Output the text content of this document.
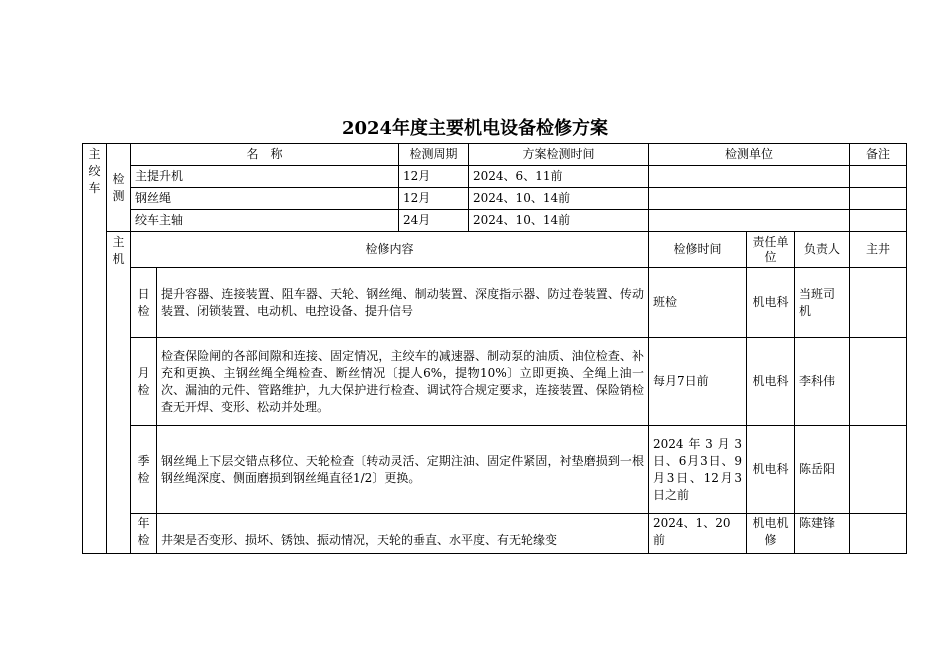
2024年度主要机电设备检修方案
主绞车	检测	名　称		检测周期	方案检测时间	检测单位			备注
		主提升机		12月	2024、6、11前				
		钢丝绳		12月	2024、10、14前				
		绞车主轴		24月	2024、10、14前				
	主机	检修内容				检修时间	责任单位	负责人	主井
		日检	提升容器、连接装置、阻车器、天轮、钢丝绳、制动装置、深度指示器、防过卷装置、传动装置、闭锁装置、电动机、电控设备、提升信号			班检	机电科	当班司机	
		月检	检查保险闸的各部间隙和连接、固定情况，主绞车的减速器、制动泵的油质、油位检查、补充和更换、主钢丝绳全绳检查、断丝情况〔提人6%，提物10%〕立即更换、全绳上油一次、漏油的元件、管路维护，九大保护进行检查、调试符合规定要求，连接装置、保险销检查无开焊、变形、松动并处理。			每月7日前	机电科	李科伟	
		季检	钢丝绳上下层交错点移位、天轮检查〔转动灵活、定期注油、固定件紧固，衬垫磨损到一根钢丝绳深度、侧面磨损到钢丝绳直径1/2〕更换。			2024年3月3日、6月3日、9月3日、12月3日之前	机电科	陈岳阳	

		年检	井架是否变形、损坏、锈蚀、振动情况，天轮的垂直、水平度、有无轮缘变			2024、1、20前	机电机修	陈建锋	
